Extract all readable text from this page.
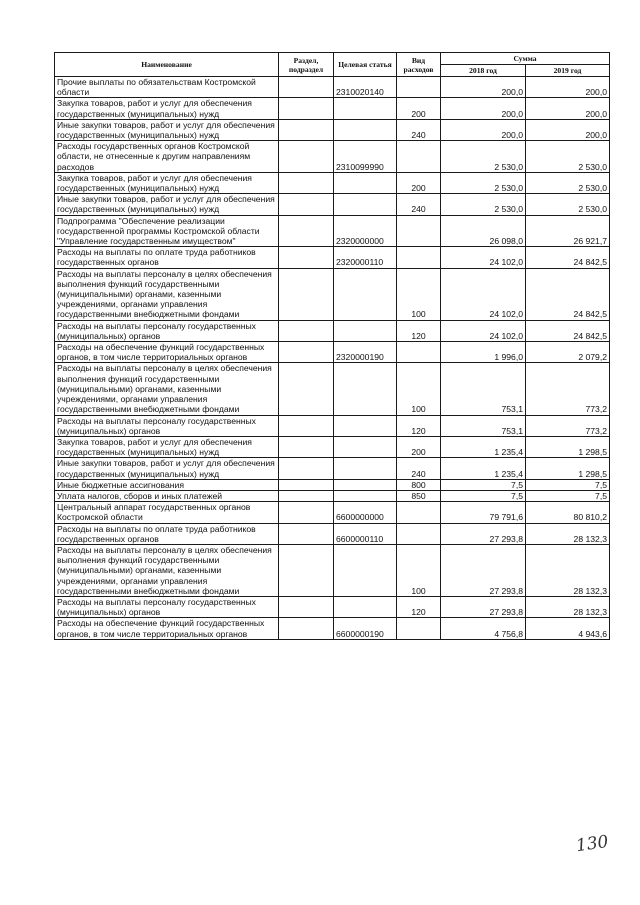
Наименование	Раздел, подраздел	Целевая статья	Вид расходов	Сумма	
				2018 год	2019 год
Прочие выплаты по обязательствам Костромской области		2310020140		200,0	200,0
Закупка товаров, работ и услуг для обеспечения государственных (муниципальных) нужд			200	200,0	200,0
Иные закупки товаров, работ и услуг для обеспечения государственных (муниципальных) нужд			240	200,0	200,0
Расходы государственных органов Костромской области, не отнесенные к другим направлениям расходов		2310099990		2 530,0	2 530,0
Закупка товаров, работ и услуг для обеспечения государственных (муниципальных) нужд			200	2 530,0	2 530,0
Иные закупки товаров, работ и услуг для обеспечения государственных (муниципальных) нужд			240	2 530,0	2 530,0
Подпрограмма "Обеспечение реализации государственной программы Костромской области "Управление государственным имуществом"		2320000000		26 098,0	26 921,7
Расходы на выплаты по оплате труда работников государственных органов		2320000110		24 102,0	24 842,5
Расходы на выплаты персоналу в целях обеспечения выполнения функций государственными (муниципальными) органами, казенными учреждениями, органами управления государственными внебюджетными фондами			100	24 102,0	24 842,5
Расходы на выплаты персоналу государственных (муниципальных) органов			120	24 102,0	24 842,5
Расходы на обеспечение функций государственных органов, в том числе территориальных органов		2320000190		1 996,0	2 079,2
Расходы на выплаты персоналу в целях обеспечения выполнения функций государственными (муниципальными) органами, казенными учреждениями, органами управления государственными внебюджетными фондами			100	753,1	773,2
Расходы на выплаты персоналу государственных (муниципальных) органов			120	753,1	773,2
Закупка товаров, работ и услуг для обеспечения государственных (муниципальных) нужд			200	1 235,4	1 298,5
Иные закупки товаров, работ и услуг для обеспечения государственных (муниципальных) нужд			240	1 235,4	1 298,5
Иные бюджетные ассигнования			800	7,5	7,5
Уплата налогов, сборов и иных платежей			850	7,5	7,5
Центральный аппарат государственных органов Костромской области		6600000000		79 791,6	80 810,2
Расходы на выплаты по оплате труда работников государственных органов		6600000110		27 293,8	28 132,3
Расходы на выплаты персоналу в целях обеспечения выполнения функций государственными (муниципальными) органами, казенными учреждениями, органами управления государственными внебюджетными фондами			100	27 293,8	28 132,3
Расходы на выплаты персоналу государственных (муниципальных) органов			120	27 293,8	28 132,3
Расходы на обеспечение функций государственных органов, в том числе территориальных органов		6600000190		4 756,8	4 943,6
130
